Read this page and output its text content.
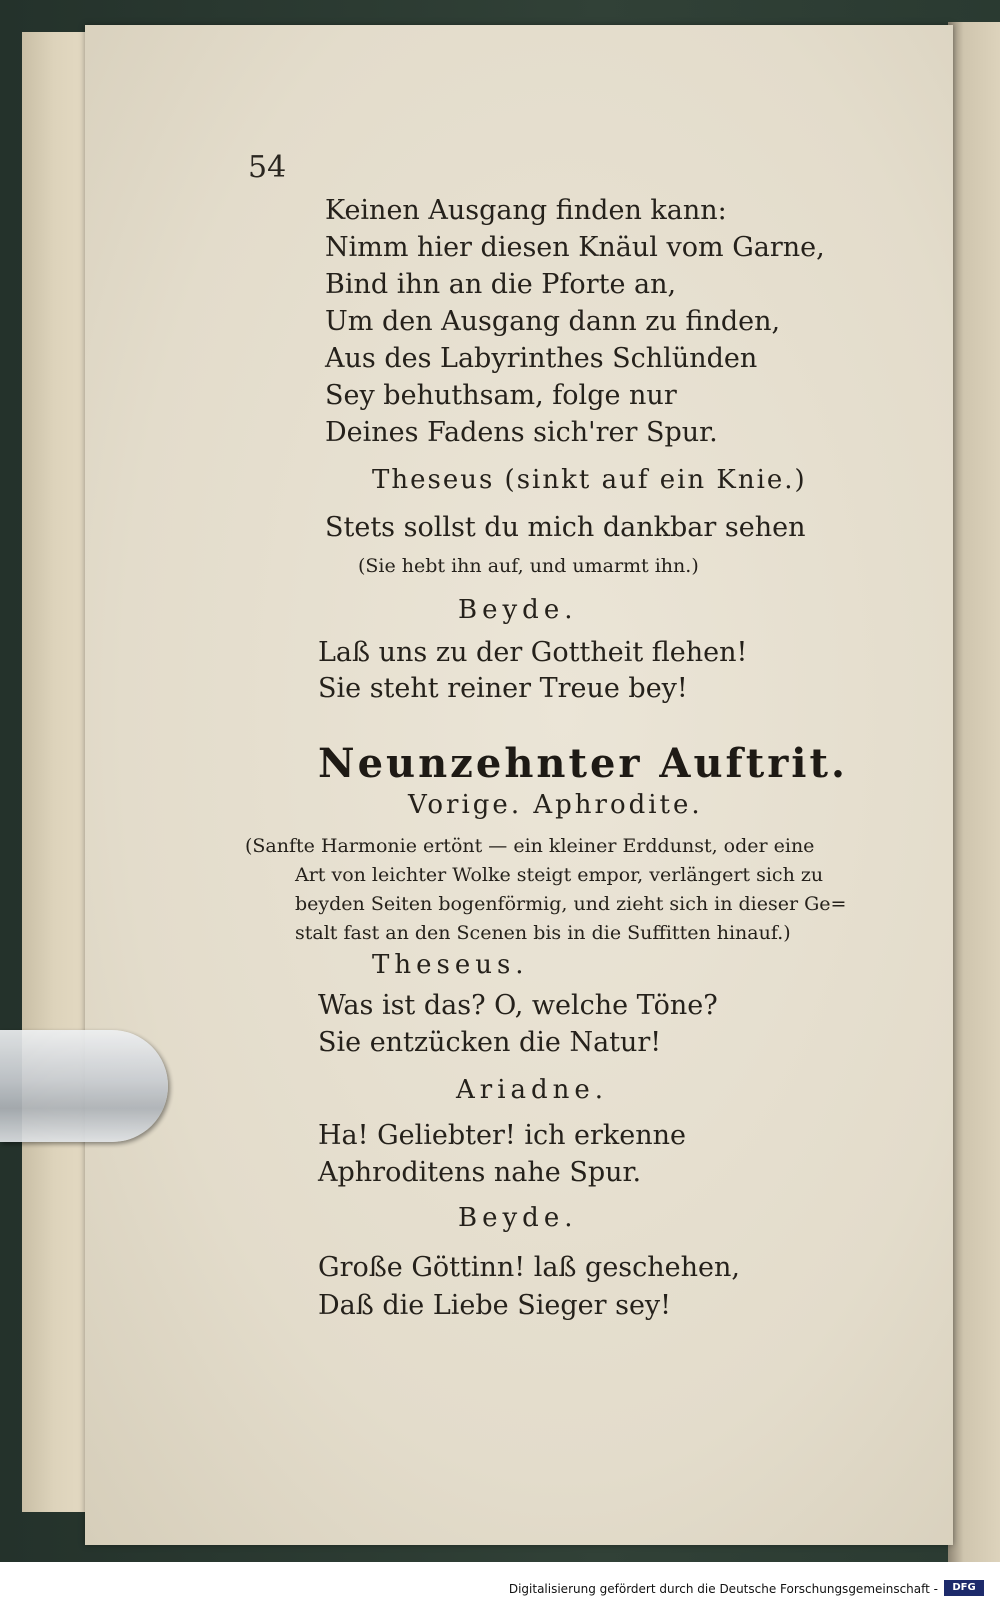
54
Keinen Ausgang finden kann:
Nimm hier diesen Knäul vom Garne,
Bind ihn an die Pforte an,
Um den Ausgang dann zu finden,
Aus des Labyrinthes Schlünden
Sey behuthsam, folge nur
Deines Fadens sich'rer Spur.
Theseus (sinkt auf ein Knie.)
Stets sollst du mich dankbar sehen
(Sie hebt ihn auf, und umarmt ihn.)
Beyde.
Laß uns zu der Gottheit flehen!
Sie steht reiner Treue bey!
Neunzehnter Auftrit.
Vorige. Aphrodite.
(Sanfte Harmonie ertönt — ein kleiner Erddunst, oder eine

Art von leichter Wolke steigt empor, verlängert sich zu
beyden Seiten bogenförmig, und zieht sich in dieser Ge=
stalt fast an den Scenen bis in die Suffitten hinauf.)
Theseus.
Was ist das? O, welche Töne?
Sie entzücken die Natur!
Ariadne.
Ha! Geliebter! ich erkenne
Aphroditens nahe Spur.
Beyde.
Große Göttinn! laß geschehen,
Daß die Liebe Sieger sey!
Digitalisierung gefördert durch die Deutsche Forschungsgemeinschaft -	DFG
